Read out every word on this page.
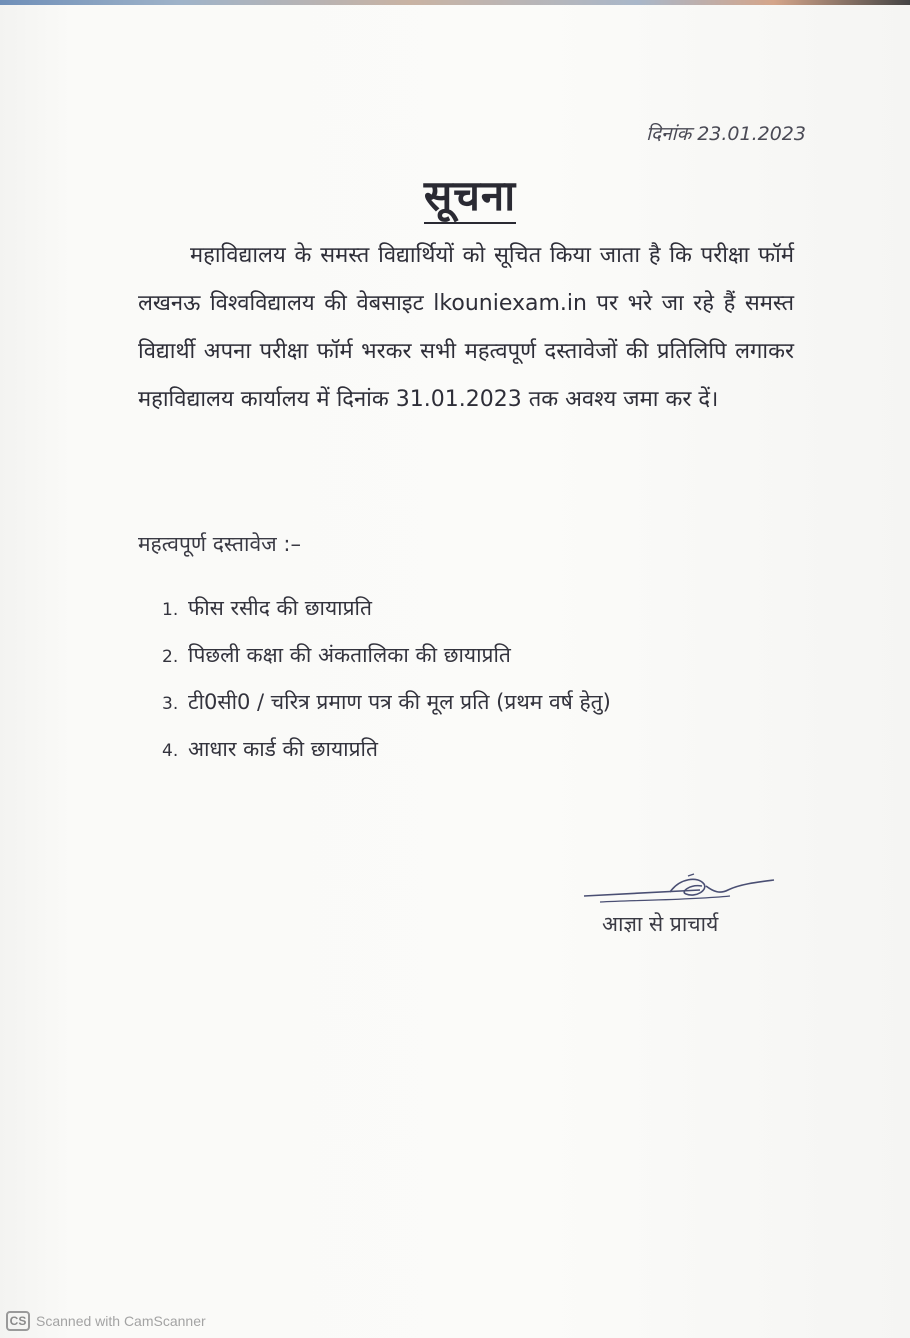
दिनांक 23.01.2023
सूचना

महाविद्यालय के समस्त विद्यार्थियों को सूचित किया जाता है कि परीक्षा फॉर्म लखनऊ विश्वविद्यालय की वेबसाइट lkouniexam.in पर भरे जा रहे हैं समस्त विद्यार्थी अपना परीक्षा फॉर्म भरकर सभी महत्वपूर्ण दस्तावेजों की प्रतिलिपि लगाकर महाविद्यालय कार्यालय में दिनांक 31.01.2023 तक अवश्य जमा कर दें।

महत्वपूर्ण दस्तावेज :–
1. फीस रसीद की छायाप्रति
2. पिछली कक्षा की अंकतालिका की छायाप्रति
3. टी0सी0 / चरित्र प्रमाण पत्र की मूल प्रति (प्रथम वर्ष हेतु)
4. आधार कार्ड की छायाप्रति
आज्ञा से प्राचार्य
CS Scanned with CamScanner
